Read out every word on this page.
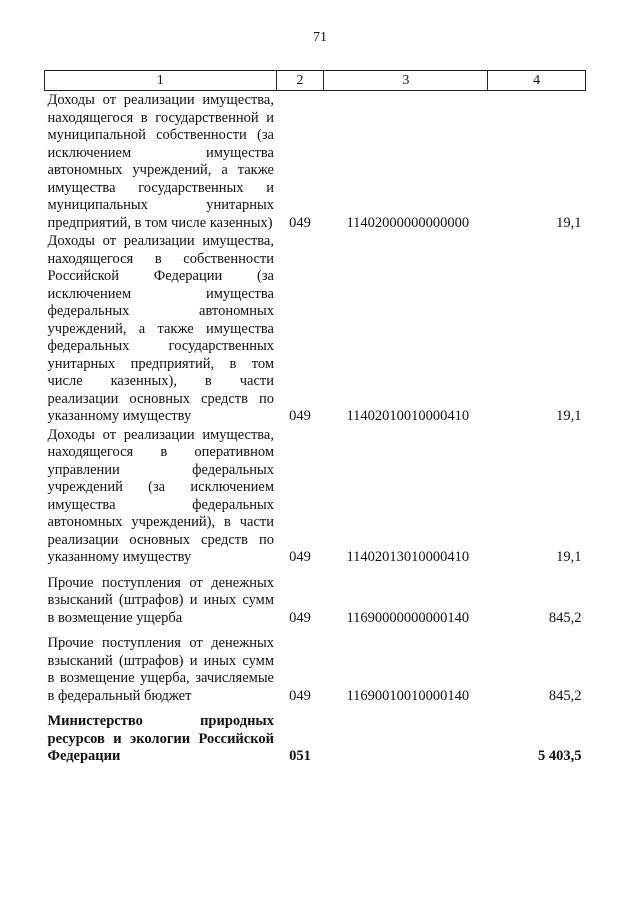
71
1	2	3	4

Доходы от реализации имущества, находящегося в государственной и муниципальной собственности (за исключением имущества автономных учреждений, а также имущества государственных и муниципальных унитарных предприятий, в том числе казенных)	049	11402000000000000	19,1

Доходы от реализации имущества, находящегося в собственности Российской Федерации (за исключением имущества федеральных автономных учреждений, а также имущества федеральных государственных унитарных предприятий, в том числе казенных), в части реализации основных средств по указанному имуществу	049	11402010010000410	19,1

Доходы от реализации имущества, находящегося в оперативном управлении федеральных учреждений (за исключением имущества федеральных автономных учреждений), в части реализации основных средств по указанному имуществу	049	11402013010000410	19,1

Прочие поступления от денежных взысканий (штрафов) и иных сумм в возмещение ущерба	049	11690000000000140	845,2

Прочие поступления от денежных взысканий (штрафов) и иных сумм в возмещение ущерба, зачисляемые в федеральный бюджет	049	11690010010000140	845,2

Министерство природных ресурсов и экологии Российской Федерации	051		5 403,5
